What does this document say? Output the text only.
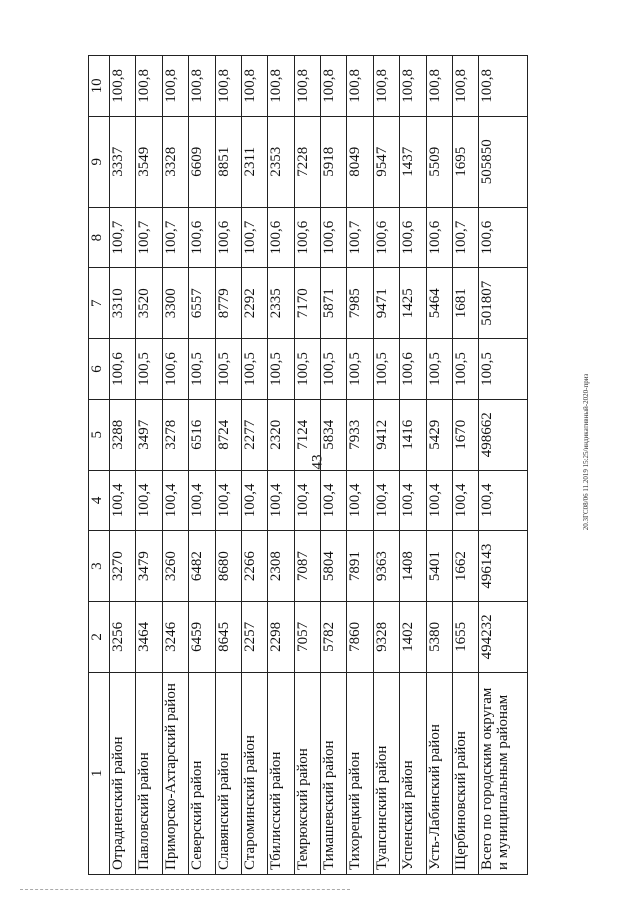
43	20.3ГС08/06 11.2019 15:25/индикативный-2020-приз
1	2	3	4	5	6	7	8	9	10
Отрадненский район	3256	3270	100,4	3288	100,6	3310	100,7	3337	100,8
Павловский район	3464	3479	100,4	3497	100,5	3520	100,7	3549	100,8
Приморско-Ахтарский район	3246	3260	100,4	3278	100,6	3300	100,7	3328	100,8
Северский район	6459	6482	100,4	6516	100,5	6557	100,6	6609	100,8
Славянский район	8645	8680	100,4	8724	100,5	8779	100,6	8851	100,8
Староминский район	2257	2266	100,4	2277	100,5	2292	100,7	2311	100,8
Тбилисский район	2298	2308	100,4	2320	100,5	2335	100,6	2353	100,8
Темрюкский район	7057	7087	100,4	7124	100,5	7170	100,6	7228	100,8
Тимашевский район	5782	5804	100,4	5834	100,5	5871	100,6	5918	100,8
Тихорецкий район	7860	7891	100,4	7933	100,5	7985	100,7	8049	100,8
Туапсинский район	9328	9363	100,4	9412	100,5	9471	100,6	9547	100,8
Успенский район	1402	1408	100,4	1416	100,6	1425	100,6	1437	100,8
Усть-Лабинский район	5380	5401	100,4	5429	100,5	5464	100,6	5509	100,8
Щербиновский район	1655	1662	100,4	1670	100,5	1681	100,7	1695	100,8
Всего по городским округам и муниципальным районам	494232	496143	100,4	498662	100,5	501807	100,6	505850	100,8
